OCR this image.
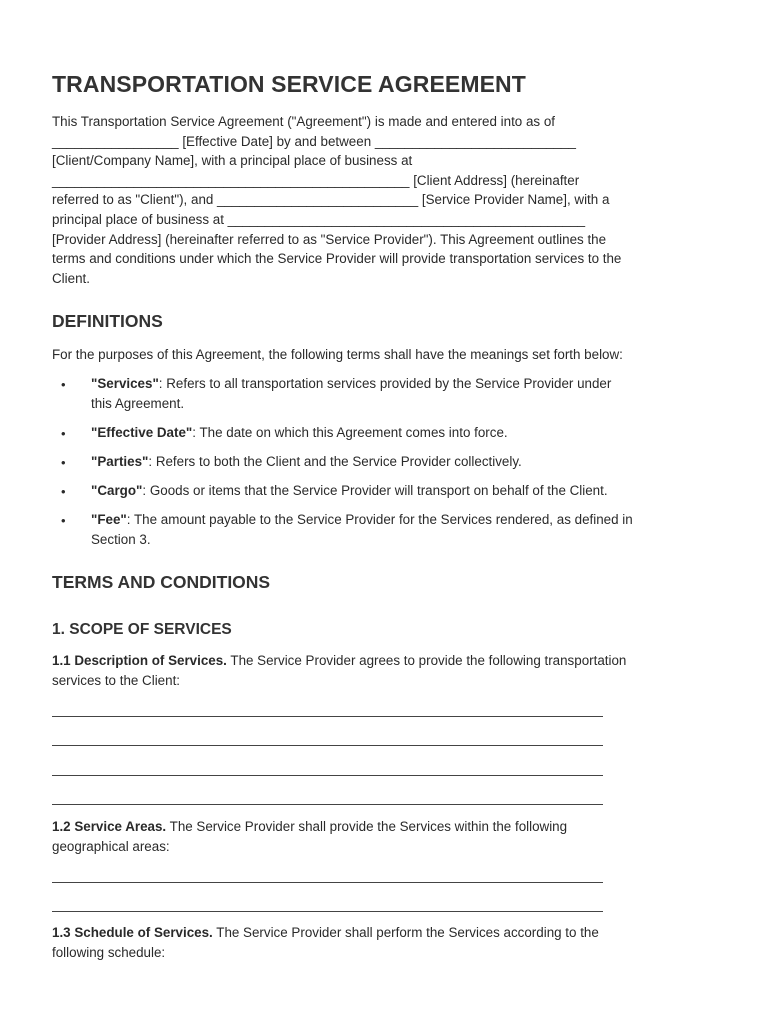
TRANSPORTATION SERVICE AGREEMENT
This Transportation Service Agreement ("Agreement") is made and entered into as of
_________________ [Effective Date] by and between ___________________________
[Client/Company Name], with a principal place of business at
________________________________________________ [Client Address] (hereinafter
referred to as "Client"), and ___________________________ [Service Provider Name], with a
principal place of business at ________________________________________________
[Provider Address] (hereinafter referred to as "Service Provider"). This Agreement outlines the
terms and conditions under which the Service Provider will provide transportation services to the
Client.
DEFINITIONS
For the purposes of this Agreement, the following terms shall have the meanings set forth below:
• "Services": Refers to all transportation services provided by the Service Provider under
this Agreement.
• "Effective Date": The date on which this Agreement comes into force.
• "Parties": Refers to both the Client and the Service Provider collectively.
• "Cargo": Goods or items that the Service Provider will transport on behalf of the Client.
• "Fee": The amount payable to the Service Provider for the Services rendered, as defined in
Section 3.
TERMS AND CONDITIONS
1. SCOPE OF SERVICES
1.1 Description of Services. The Service Provider agrees to provide the following transportation
services to the Client:
1.2 Service Areas. The Service Provider shall provide the Services within the following
geographical areas:
1.3 Schedule of Services. The Service Provider shall perform the Services according to the
following schedule:
